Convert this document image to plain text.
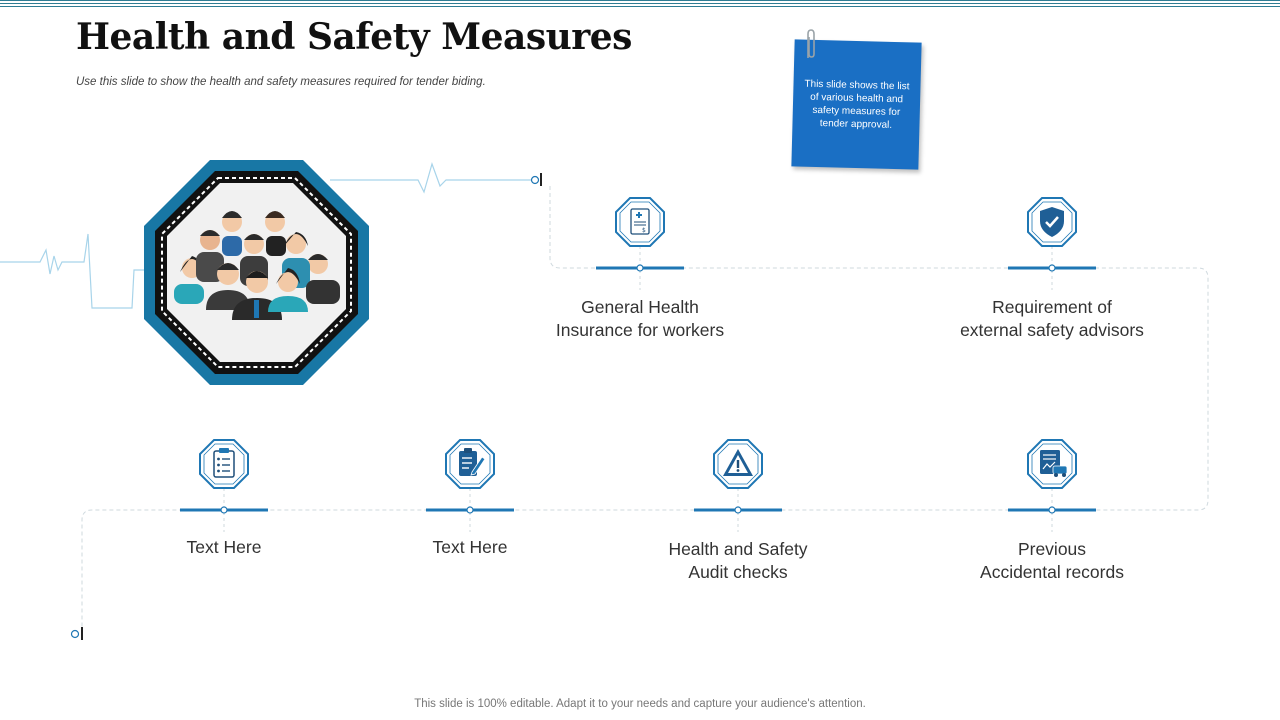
Health and Safety Measures
Use this slide to show the health and safety measures required for tender biding.	This slide shows the list of various health and safety measures for tender approval.
$
General Health
Insurance for workers
Requirement of
external safety advisors
Text Here	Text Here	Health and Safety
Audit checks
Previous
Accidental records
This slide is 100% editable. Adapt it to your needs and capture your audience's attention.
